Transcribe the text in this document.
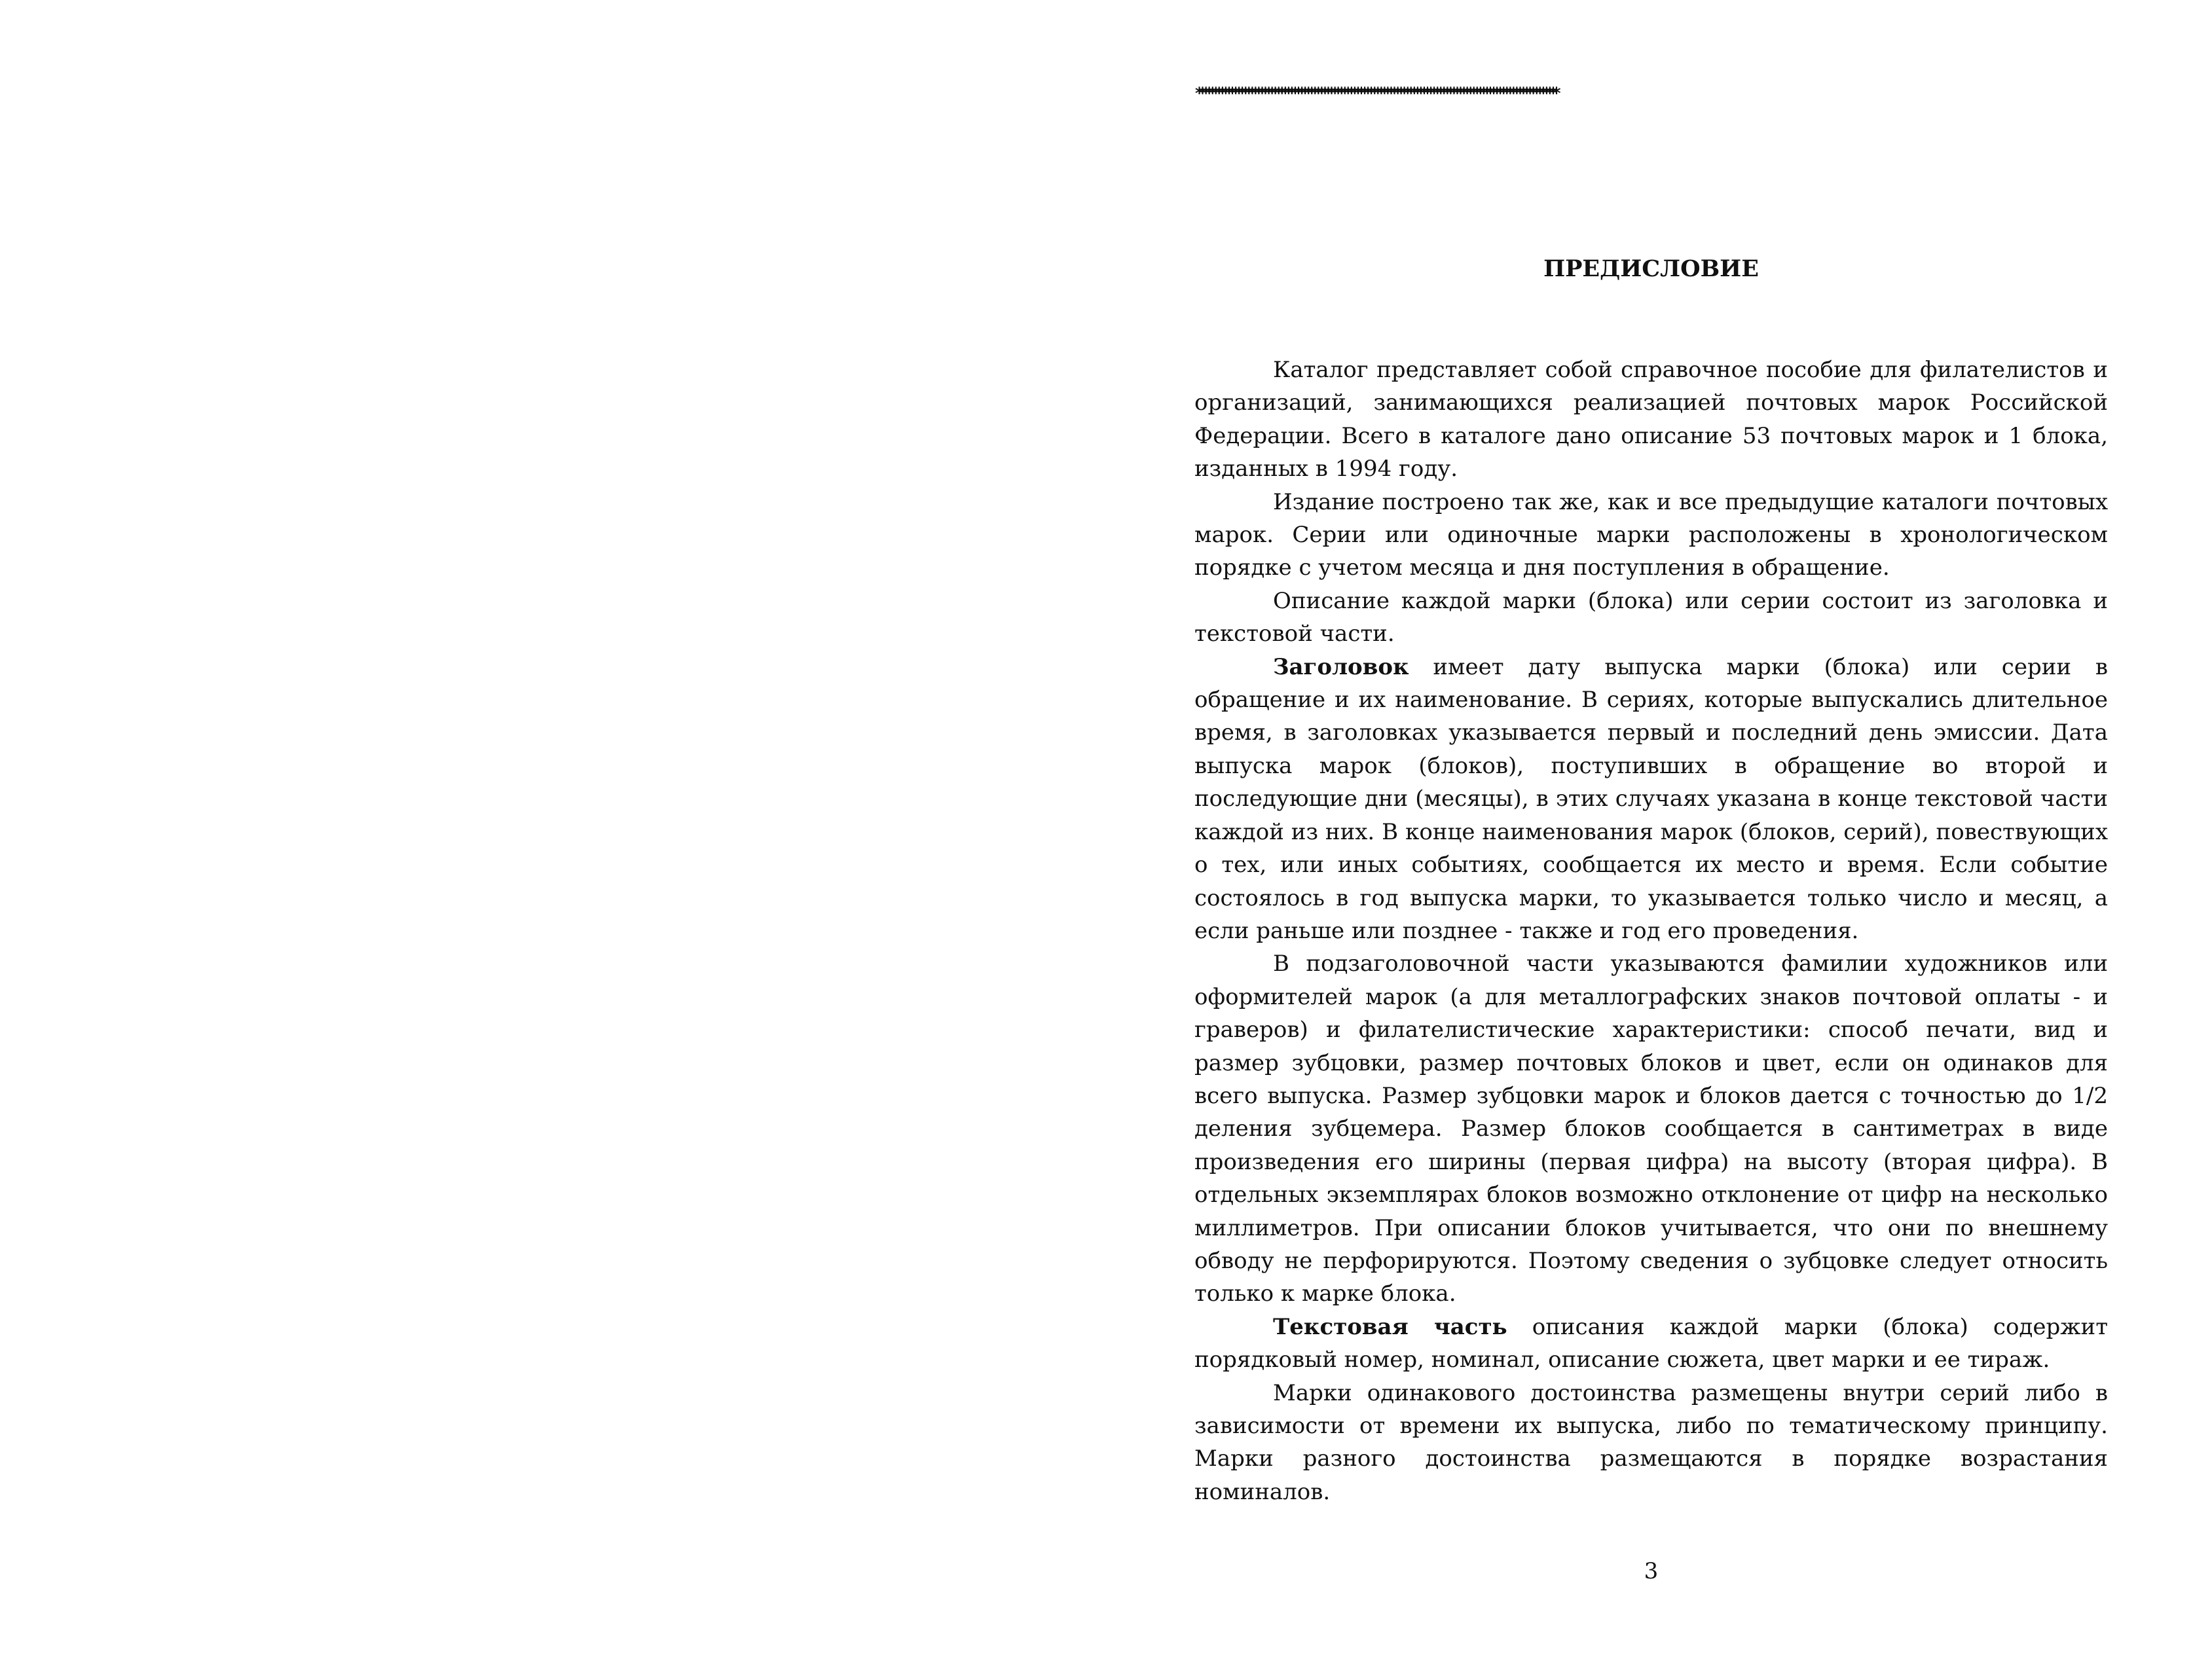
*************************************************************************************************************
ПРЕДИСЛОВИЕ

Каталог представляет собой справочное пособие для филателистов и организаций, занимающихся реализацией почтовых марок Российской Федерации. Всего в каталоге дано описание 53 почтовых марок и 1 блока, изданных в 1994 году.

Издание построено так же, как и все предыдущие каталоги почтовых марок. Серии или одиночные марки расположены в хронологическом порядке с учетом месяца и дня поступления в обращение.

Описание каждой марки (блока) или серии состоит из заголовка и текстовой части.

Заголовок имеет дату выпуска марки (блока) или серии в обращение и их наименование. В сериях, которые выпускались длительное время, в заголовках указывается первый и последний день эмиссии. Дата выпуска марок (блоков), поступивших в обращение во второй и последующие дни (месяцы), в этих случаях указана в конце текстовой части каждой из них. В конце наименования марок (блоков, серий), повествующих о тех, или иных событиях, сообщается их место и время. Если событие состоялось в год выпуска марки, то указывается только число и месяц, а если раньше или позднее - также и год его проведения.

В подзаголовочной части указываются фамилии художников или оформителей марок (а для металлографских знаков почтовой оплаты - и граверов) и филателистические характеристики: способ печати, вид и размер зубцовки, размер почтовых блоков и цвет, если он одинаков для всего выпуска. Размер зубцовки марок и блоков дается с точностью до 1/2 деления зубцемера. Размер блоков сообщается в сантиметрах в виде произведения его ширины (первая цифра) на высоту (вторая цифра). В отдельных экземплярах блоков возможно отклонение от цифр на несколько миллиметров. При описании блоков учитывается, что они по внешнему обводу не перфорируются. Поэтому сведения о зубцовке следует относить только к марке блока.

Текстовая часть описания каждой марки (блока) содержит порядковый номер, номинал, описание сюжета, цвет марки и ее тираж.

Марки одинакового достоинства размещены внутри серий либо в зависимости от времени их выпуска, либо по тематическому принципу. Марки разного достоинства размещаются в порядке возрастания номиналов.

3
